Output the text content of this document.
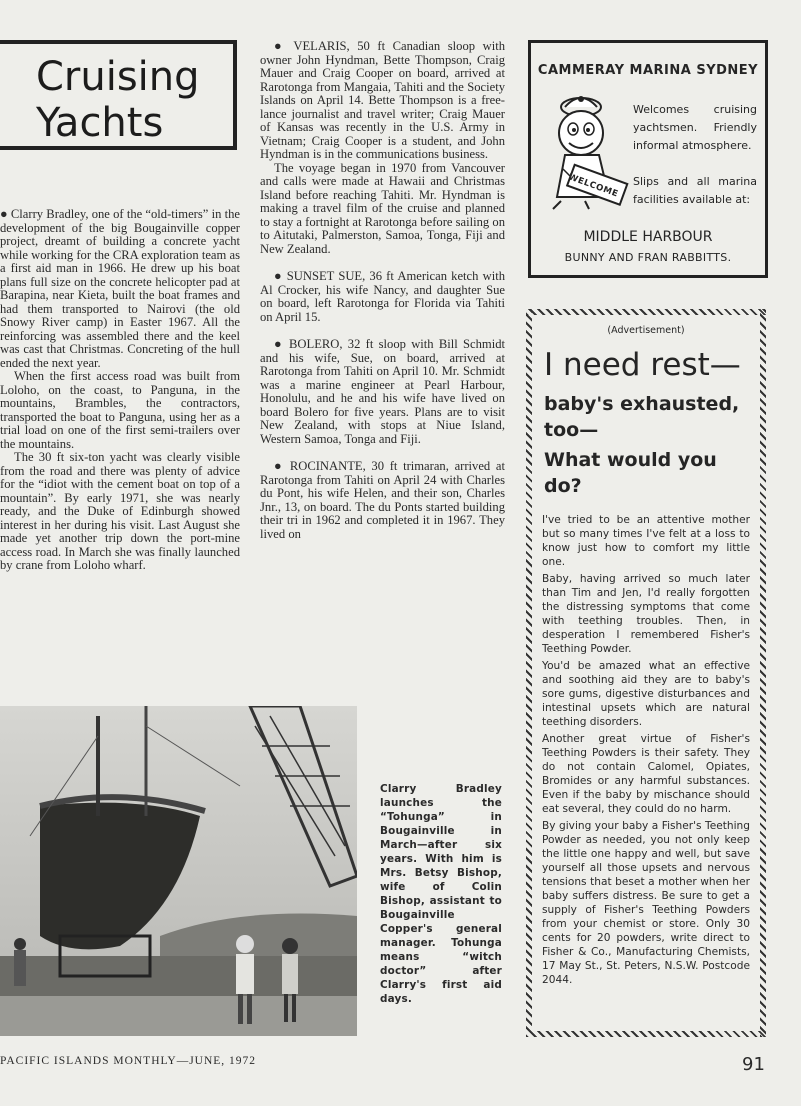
Cruising
Yachts

● Clarry Bradley, one of the “old-timers” in the development of the big Bougainville copper project, dreamt of building a concrete yacht while working for the CRA exploration team as a first aid man in 1966. He drew up his boat plans full size on the concrete helicopter pad at Barapina, near Kieta, built the boat frames and had them transported to Nairovi (the old Snowy River camp) in Easter 1967. All the reinforcing was assembled there and the keel was cast that Christmas. Concreting of the hull ended the next year.

When the first access road was built from Loloho, on the coast, to Panguna, in the mountains, Brambles, the contractors, transported the boat to Panguna, using her as a trial load on one of the first semi-trailers over the mountains.

The 30 ft six-ton yacht was clearly visible from the road and there was plenty of advice for the “idiot with the cement boat on top of a mountain”. By early 1971, she was nearly ready, and the Duke of Edinburgh showed interest in her during his visit. Last August she made yet another trip down the port-mine access road. In March she was finally launched by crane from Loloho wharf.

● VELARIS, 50 ft Canadian sloop with owner John Hyndman, Bette Thompson, Craig Mauer and Craig Cooper on board, arrived at Rarotonga from Mangaia, Tahiti and the Society Islands on April 14. Bette Thompson is a free-lance journalist and travel writer; Craig Mauer of Kansas was recently in the U.S. Army in Vietnam; Craig Cooper is a student, and John Hyndman is in the communications business.

The voyage began in 1970 from Vancouver and calls were made at Hawaii and Christmas Island before reaching Tahiti. Mr. Hyndman is making a travel film of the cruise and planned to stay a fortnight at Rarotonga before sailing on to Aitutaki, Palmerston, Samoa, Tonga, Fiji and New Zealand.

● SUNSET SUE, 36 ft American ketch with Al Crocker, his wife Nancy, and daughter Sue on board, left Rarotonga for Florida via Tahiti on April 15.

● BOLERO, 32 ft sloop with Bill Schmidt and his wife, Sue, on board, arrived at Rarotonga from Tahiti on April 10. Mr. Schmidt was a marine engineer at Pearl Harbour, Honolulu, and he and his wife have lived on board Bolero for five years. Plans are to visit New Zealand, with stops at Niue Island, Western Samoa, Tonga and Fiji.

● ROCINANTE, 30 ft trimaran, arrived at Rarotonga from Tahiti on April 24 with Charles du Pont, his wife Helen, and their son, Charles Jnr., 13, on board. The du Ponts started building their tri in 1962 and completed it in 1967. They lived on

CAMMERAY MARINA SYDNEY
WELCOME
Welcomes cruising yachtsmen. Friendly informal atmosphere.
Slips and all marina facilities available at:
MIDDLE HARBOUR
BUNNY AND FRAN RABBITTS.
(Advertisement)
I need rest—
baby's exhausted, too—
What would you do?

I've tried to be an attentive mother but so many times I've felt at a loss to know just how to comfort my little one.

Baby, having arrived so much later than Tim and Jen, I'd really forgotten the distressing symptoms that come with teething troubles. Then, in desperation I remembered Fisher's Teething Powder.

You'd be amazed what an effective and soothing aid they are to baby's sore gums, digestive disturbances and intestinal upsets which are natural teething disorders.

Another great virtue of Fisher's Teething Powders is their safety. They do not contain Calomel, Opiates, Bromides or any harmful substances. Even if the baby by mischance should eat several, they could do no harm.

By giving your baby a Fisher's Teething Powder as needed, you not only keep the little one happy and well, but save yourself all those upsets and nervous tensions that beset a mother when her baby suffers distress. Be sure to get a supply of Fisher's Teething Powders from your chemist or store. Only 30 cents for 20 powders, write direct to Fisher & Co., Manufacturing Chemists, 17 May St., St. Peters, N.S.W. Postcode 2044.

Clarry Bradley launches the “Tohunga” in Bougainville in March—after six years. With him is Mrs. Betsy Bishop, wife of Colin Bishop, assistant to Bougainville Copper's general manager. Tohunga means “witch doctor” after Clarry's first aid days.
PACIFIC ISLANDS MONTHLY—JUNE, 1972	91
